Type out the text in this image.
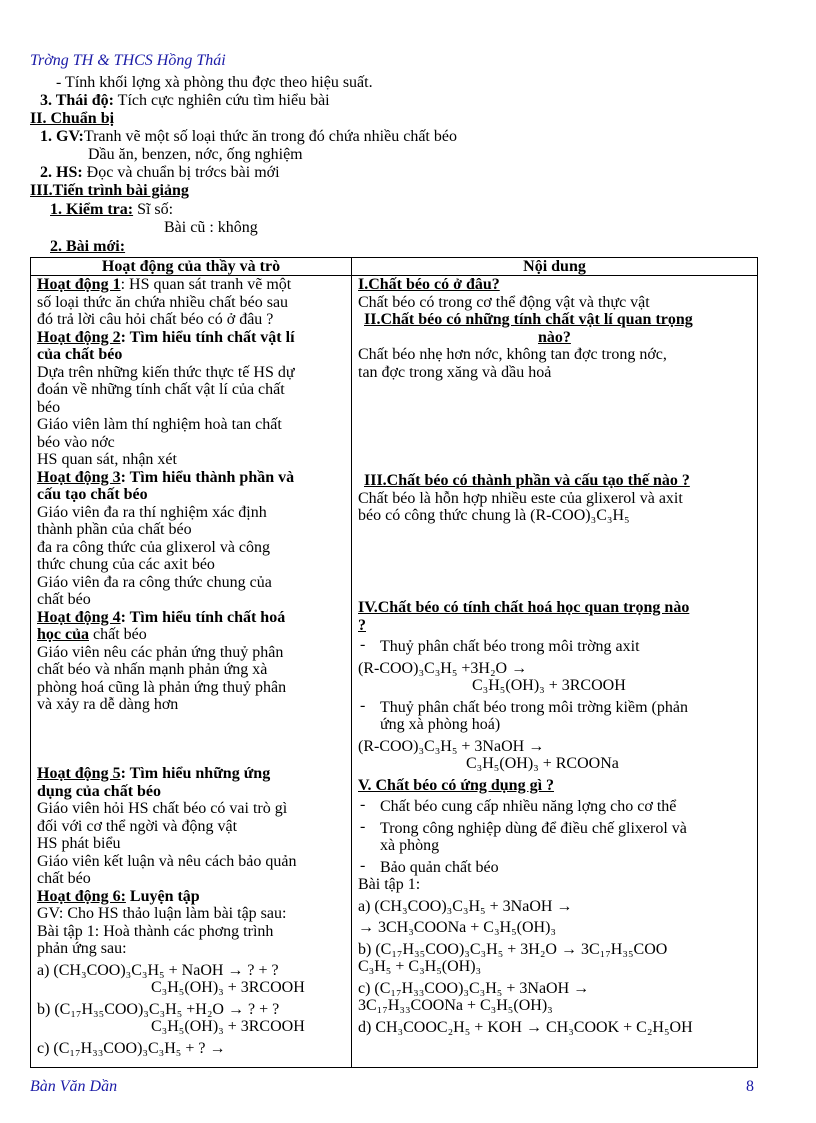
Trờng TH & THCS Hồng Thái
- Tính khối lợng xà phòng thu đợc theo hiệu suất.
3. Thái độ: Tích cực nghiên cứu tìm hiểu bài
II. Chuẩn bị
1. GV:Tranh vẽ một số loại thức ăn trong đó chứa nhiều chất béo
Dầu ăn, benzen, nớc, ống nghiệm
2. HS: Đọc và chuẩn bị trớcs bài mới
III.Tiến trình bài giảng
1. Kiểm tra: Sĩ số:
Bài cũ : không
2. Bài mới:
Hoạt động của thầy và trò	Nội dung

Hoạt động 1: HS quan sát tranh vẽ một

số loại thức ăn chứa nhiều chất béo sau

đó trả lời câu hỏi chất béo có ở đâu ?

Hoạt động 2: Tìm hiểu tính chất vật lí

của chất béo

Dựa trên những kiến thức thực tế HS dự

đoán về những tính chất vật lí của chất

béo

Giáo viên làm thí nghiệm hoà tan chất

béo vào nớc

HS quan sát, nhận xét

Hoạt động 3: Tìm hiểu thành phần và

cấu tạo chất béo

Giáo viên đa ra thí nghiệm xác định

thành phần của chất béo

đa ra công thức của glixerol và công

thức chung của các axit béo

Giáo viên đa ra công thức chung của

chất béo

Hoạt động 4: Tìm hiểu tính chất hoá

học của chất béo

Giáo viên nêu các phản ứng thuỷ phân

chất béo và nhấn mạnh phản ứng xà

phòng hoá cũng là phản ứng thuỷ phân

và xảy ra dễ dàng hơn

Hoạt động 5: Tìm hiểu những ứng

dụng của chất béo

Giáo viên hỏi HS chất béo có vai trò gì

đối với cơ thể ngời và động vật

HS phát biểu

Giáo viên kết luận và nêu cách bảo quản

chất béo

Hoạt động 6: Luyện tập

GV: Cho HS thảo luận làm bài tập sau:

Bài tập 1: Hoà thành các phơng trình

phản ứng sau:

a) (CH₃COO)₃C₃H₅ + NaOH → ? + ?

C₃H₅(OH)₃ + 3RCOOH

b) (C₁₇H₃₅COO)₃C₃H₅ +H₂O → ? + ?

C₃H₅(OH)₃ + 3RCOOH

c) (C₁₇H₃₃COO)₃C₃H₅ + ? →

I.Chất béo có ở đâu?

Chất béo có trong cơ thể động vật và thực vật

II.Chất béo có những tính chất vật lí quan trọng

nào?

Chất béo nhẹ hơn nớc, không tan đợc trong nớc,

tan đợc trong xăng và dầu hoả

III.Chất béo có thành phần và cấu tạo thế nào ?

Chất béo là hỗn hợp nhiều este của glixerol và axit

béo có công thức chung là (R-COO)₃C₃H₅

IV.Chất béo có tính chất hoá học quan trọng nào

?

- Thuỷ phân chất béo trong môi trờng axit

(R-COO)₃C₃H₅ +3H₂O →

C₃H₅(OH)₃ + 3RCOOH

- Thuỷ phân chất béo trong môi trờng kiềm (phản

ứng xà phòng hoá)

(R-COO)₃C₃H₅ + 3NaOH →

C₃H₅(OH)₃ + RCOONa

V. Chất béo có ứng dụng gì ?

- Chất béo cung cấp nhiều năng lợng cho cơ thể

- Trong công nghiệp dùng để điều chế glixerol và

xà phòng

- Bảo quản chất béo

Bài tập 1:

a) (CH₃COO)₃C₃H₅ + 3NaOH →

→ 3CH₃COONa + C₃H₅(OH)₃

b) (C₁₇H₃₅COO)₃C₃H₅ + 3H₂O → 3C₁₇H₃₅COO

C₃H₅ + C₃H₅(OH)₃

c) (C₁₇H₃₃COO)₃C₃H₅ + 3NaOH →

3C₁₇H₃₃COONa + C₃H₅(OH)₃

d) CH₃COOC₂H₅ + KOH → CH₃COOK + C₂H₅OH

Bàn Văn Dần	8
